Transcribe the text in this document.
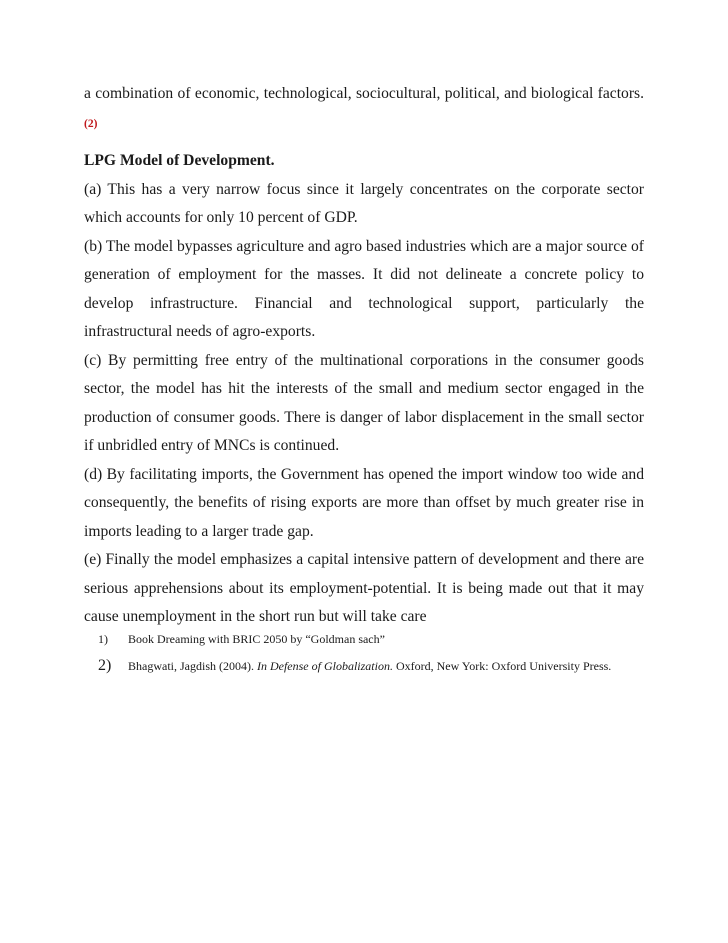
a combination of economic, technological, sociocultural, political, and biological factors.(2)

LPG Model of Development.

(a) This has a very narrow focus since it largely concentrates on the corporate sector which accounts for only 10 percent of GDP.

(b) The model bypasses agriculture and agro based industries which are a major source of generation of employment for the masses. It did not delineate a concrete policy to develop infrastructure. Financial and technological support, particularly the infrastructural needs of agro-exports.

(c) By permitting free entry of the multinational corporations in the consumer goods sector, the model has hit the interests of the small and medium sector engaged in the production of consumer goods. There is danger of labor displacement in the small sector if unbridled entry of MNCs is continued.

(d) By facilitating imports, the Government has opened the import window too wide and consequently, the benefits of rising exports are more than offset by much greater rise in imports leading to a larger trade gap.

(e) Finally the model emphasizes a capital intensive pattern of development and there are serious apprehensions about its employment-potential. It is being made out that it may cause unemployment in the short run but will take care

1)	Book Dreaming with BRIC 2050 by “Goldman sach”
2)	Bhagwati, Jagdish (2004). In Defense of Globalization. Oxford, New York: Oxford University Press.
